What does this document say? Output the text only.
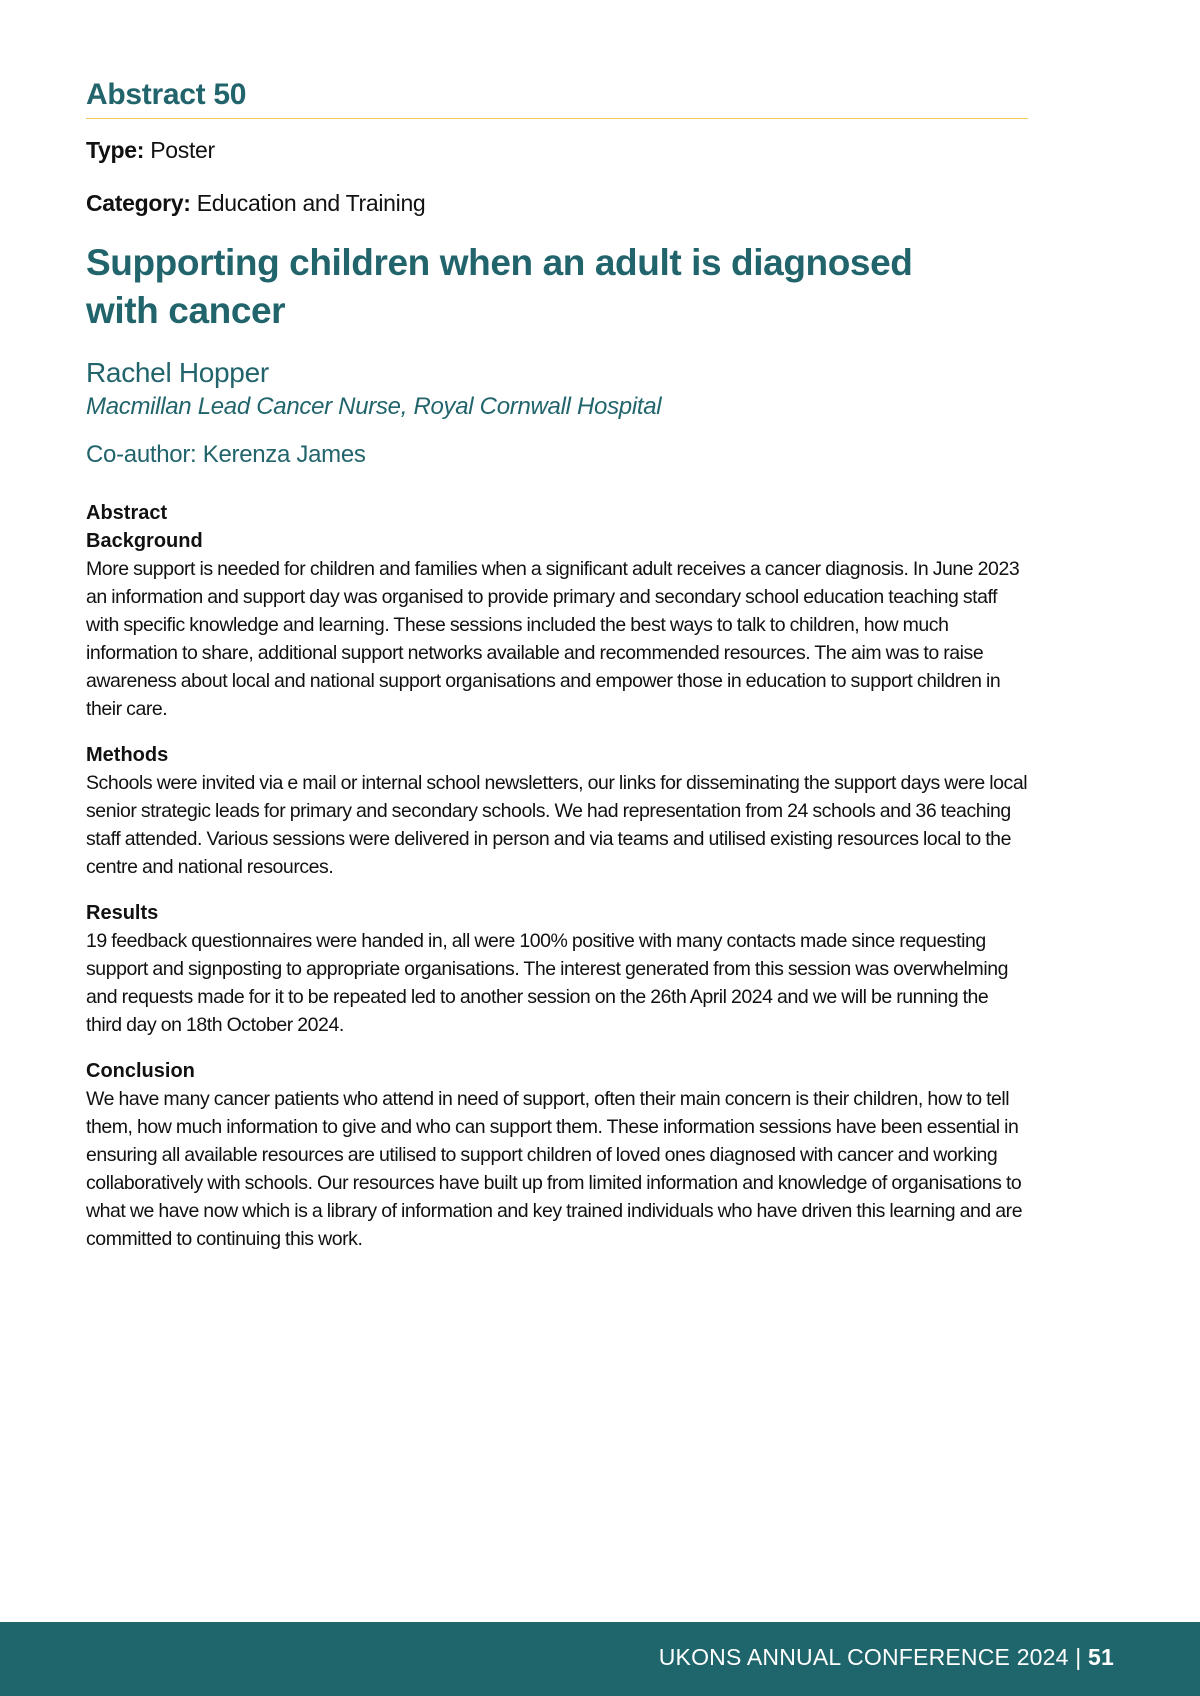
Abstract 50

Type: Poster

Category: Education and Training

Supporting children when an adult is diagnosed with cancer

Rachel Hopper

Macmillan Lead Cancer Nurse, Royal Cornwall Hospital

Co-author: Kerenza James

Abstract

Background

More support is needed for children and families when a significant adult receives a cancer diagnosis. In June 2023 an information and support day was organised to provide primary and secondary school education teaching staff with specific knowledge and learning. These sessions included the best ways to talk to children, how much information to share, additional support networks available and recommended resources. The aim was to raise awareness about local and national support organisations and empower those in education to support children in their care.

Methods

Schools were invited via e mail or internal school newsletters, our links for disseminating the support days were local senior strategic leads for primary and secondary schools. We had representation from 24 schools and 36 teaching staff attended. Various sessions were delivered in person and via teams and utilised existing resources local to the centre and national resources.

Results

19 feedback questionnaires were handed in, all were 100% positive with many contacts made since requesting support and signposting to appropriate organisations. The interest generated from this session was overwhelming and requests made for it to be repeated led to another session on the 26th April 2024 and we will be running the third day on 18th October 2024.

Conclusion

We have many cancer patients who attend in need of support, often their main concern is their children, how to tell them, how much information to give and who can support them. These information sessions have been essential in ensuring all available resources are utilised to support children of loved ones diagnosed with cancer and working collaboratively with schools. Our resources have built up from limited information and knowledge of organisations to what we have now which is a library of information and key trained individuals who have driven this learning and are committed to continuing this work.

UKONS ANNUAL CONFERENCE 2024 | 51
